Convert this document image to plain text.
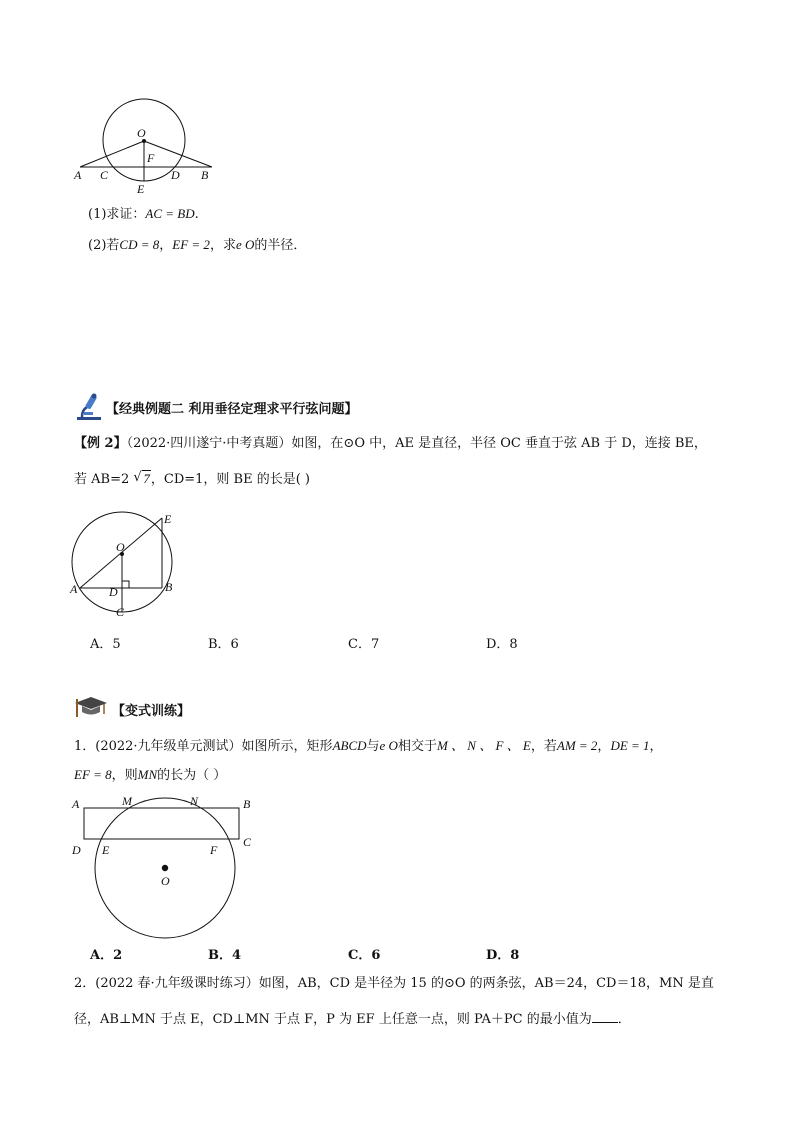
O
F
A C
E
D B
(1)求证：AC = BD.
(2)若CD = 8，EF = 2，求e O的半径．
【经典例题二 利用垂径定理求平行弦问题】
【例 2】（2022·四川遂宁·中考真题）如图，在⊙O 中，AE 是直径，半径 OC 垂直于弦 AB 于 D，连接 BE，
若 AB=2 √ 7，CD=1，则 BE 的长是( )
E
O
A	D	B
C
A．5	B．6	C．7	D．8
【变式训练】
1．(2022·九年级单元测试）如图所示，矩形ABCD与e O相交于M 、 N 、 F 、 E，若AM = 2，DE = 1，
EF = 8，则MN的长为（ ）
A	M	N	B
C
D E	F
O
A．2	B．4	C．6	D．8
2．(2022 春·九年级课时练习）如图，AB，CD 是半径为 15 的⊙O 的两条弦，AB＝24，CD＝18，MN 是直
径，AB⊥MN 于点 E，CD⊥MN 于点 F，P 为 EF 上任意一点，则 PA＋PC 的最小值为 ．
